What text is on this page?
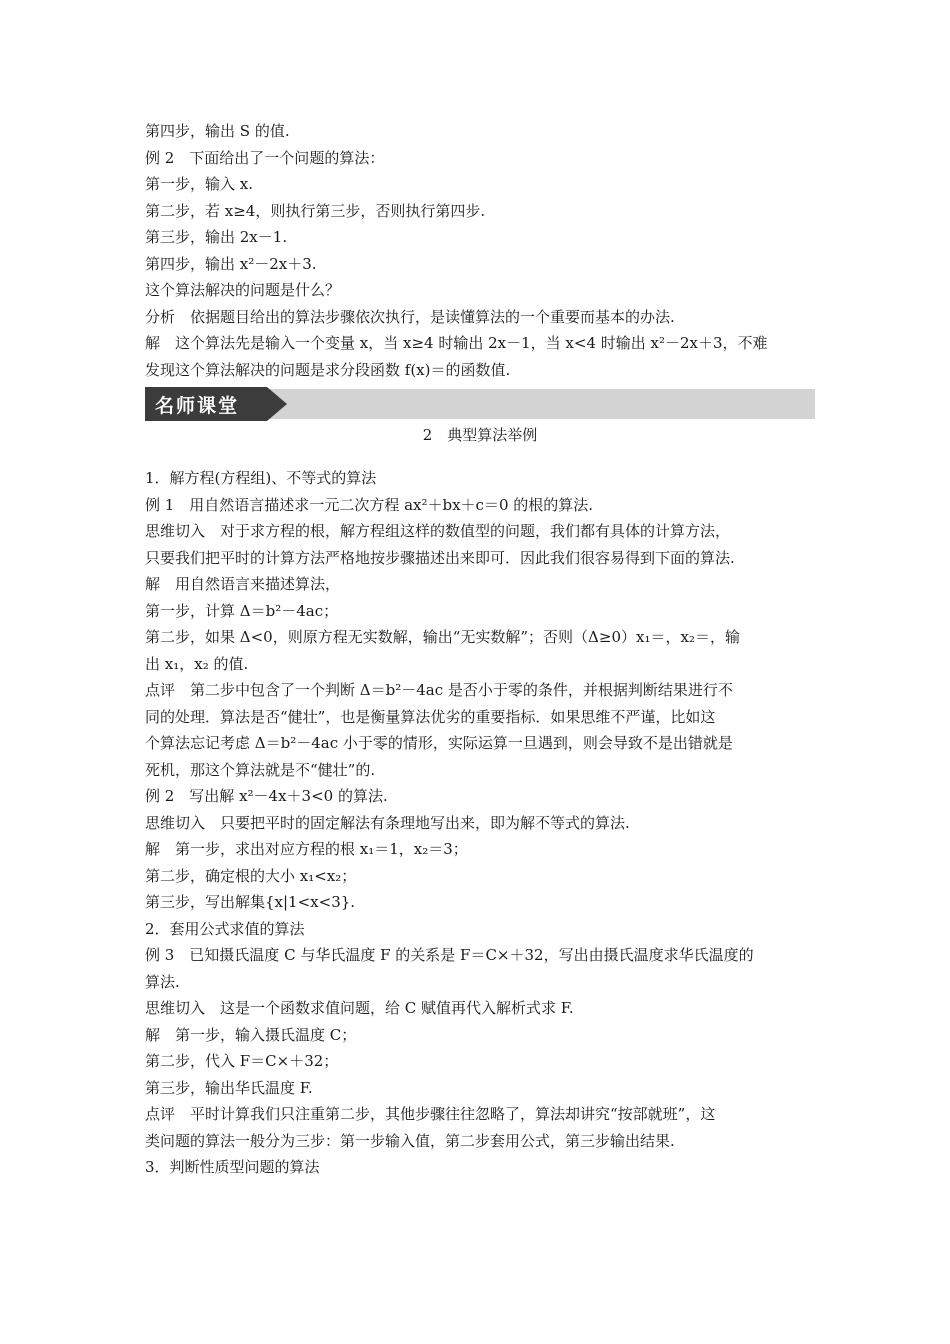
第四步，输出 S 的值.
例 2　下面给出了一个问题的算法：
第一步，输入 x.
第二步，若 x≥4，则执行第三步，否则执行第四步.
第三步，输出 2x－1.
第四步，输出 x²－2x＋3.
这个算法解决的问题是什么？
分析　依据题目给出的算法步骤依次执行，是读懂算法的一个重要而基本的办法.
解　这个算法先是输入一个变量 x，当 x≥4 时输出 2x－1，当 x<4 时输出 x²－2x＋3，不难
发现这个算法解决的问题是求分段函数 f(x)＝的函数值.
名师课堂
2　典型算法举例
1．解方程(方程组)、不等式的算法
例 1　用自然语言描述求一元二次方程 ax²＋bx＋c＝0 的根的算法.
思维切入　对于求方程的根，解方程组这样的数值型的问题，我们都有具体的计算方法，
只要我们把平时的计算方法严格地按步骤描述出来即可．因此我们很容易得到下面的算法.
解　用自然语言来描述算法，
第一步，计算 Δ＝b²－4ac；
第二步，如果 Δ<0，则原方程无实数解，输出“无实数解”；否则（Δ≥0）x₁＝，x₂＝，输
出 x₁，x₂ 的值.
点评　第二步中包含了一个判断 Δ＝b²－4ac 是否小于零的条件，并根据判断结果进行不
同的处理．算法是否“健壮”，也是衡量算法优劣的重要指标．如果思维不严谨，比如这
个算法忘记考虑 Δ＝b²－4ac 小于零的情形，实际运算一旦遇到，则会导致不是出错就是
死机，那这个算法就是不“健壮”的.
例 2　写出解 x²－4x＋3<0 的算法.
思维切入　只要把平时的固定解法有条理地写出来，即为解不等式的算法.
解　第一步，求出对应方程的根 x₁＝1，x₂＝3；
第二步，确定根的大小 x₁<x₂；
第三步，写出解集{x|1<x<3}.
2．套用公式求值的算法
例 3　已知摄氏温度 C 与华氏温度 F 的关系是 F＝C×＋32，写出由摄氏温度求华氏温度的
算法.
思维切入　这是一个函数求值问题，给 C 赋值再代入解析式求 F.
解　第一步，输入摄氏温度 C；
第二步，代入 F＝C×＋32；
第三步，输出华氏温度 F.
点评　平时计算我们只注重第二步，其他步骤往往忽略了，算法却讲究“按部就班”，这
类问题的算法一般分为三步：第一步输入值，第二步套用公式，第三步输出结果.
3．判断性质型问题的算法
